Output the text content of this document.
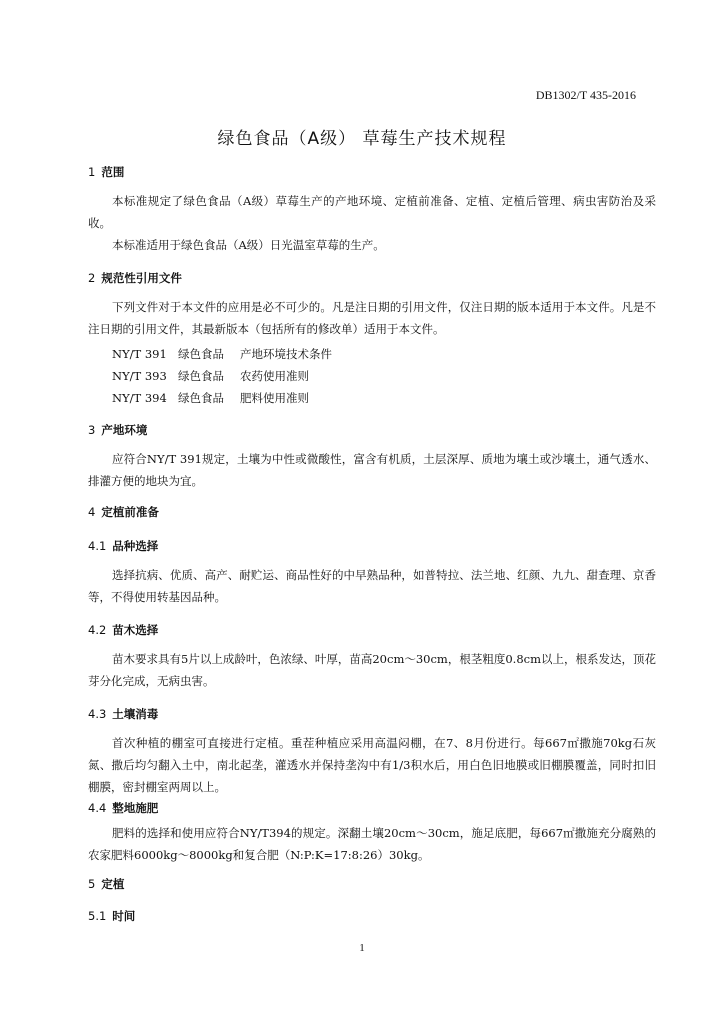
DB1302/T 435-2016
绿色食品（A级） 草莓生产技术规程
1 范围
本标准规定了绿色食品（A级）草莓生产的产地环境、定植前准备、定植、定植后管理、病虫害防治及采收。
本标准适用于绿色食品（A级）日光温室草莓的生产。
2 规范性引用文件
下列文件对于本文件的应用是必不可少的。凡是注日期的引用文件，仅注日期的版本适用于本文件。凡是不注日期的引用文件，其最新版本（包括所有的修改单）适用于本文件。
NY/T 391 绿色食品 产地环境技术条件
NY/T 393 绿色食品 农药使用准则
NY/T 394 绿色食品 肥料使用准则
3 产地环境
应符合NY/T 391规定，土壤为中性或微酸性，富含有机质，土层深厚、质地为壤土或沙壤土，通气透水、排灌方便的地块为宜。
4 定植前准备
4.1 品种选择
选择抗病、优质、高产、耐贮运、商品性好的中早熟品种，如普特拉、法兰地、红颜、九九、甜查理、京香等，不得使用转基因品种。
4.2 苗木选择
苗木要求具有5片以上成龄叶，色浓绿、叶厚，苗高20cm～30cm，根茎粗度0.8cm以上，根系发达，顶花芽分化完成，无病虫害。
4.3 土壤消毒
首次种植的棚室可直接进行定植。重茬种植应采用高温闷棚，在7、8月份进行。每667㎡撒施70kg石灰氮、撒后均匀翻入土中，南北起垄，灌透水并保持垄沟中有1/3积水后，用白色旧地膜或旧棚膜覆盖，同时扣旧棚膜，密封棚室两周以上。
4.4 整地施肥
肥料的选择和使用应符合NY/T394的规定。深翻土壤20cm～30cm，施足底肥，每667㎡撒施充分腐熟的农家肥料6000kg～8000kg和复合肥（N:P:K=17:8:26）30kg。
5 定植
5.1 时间
1
